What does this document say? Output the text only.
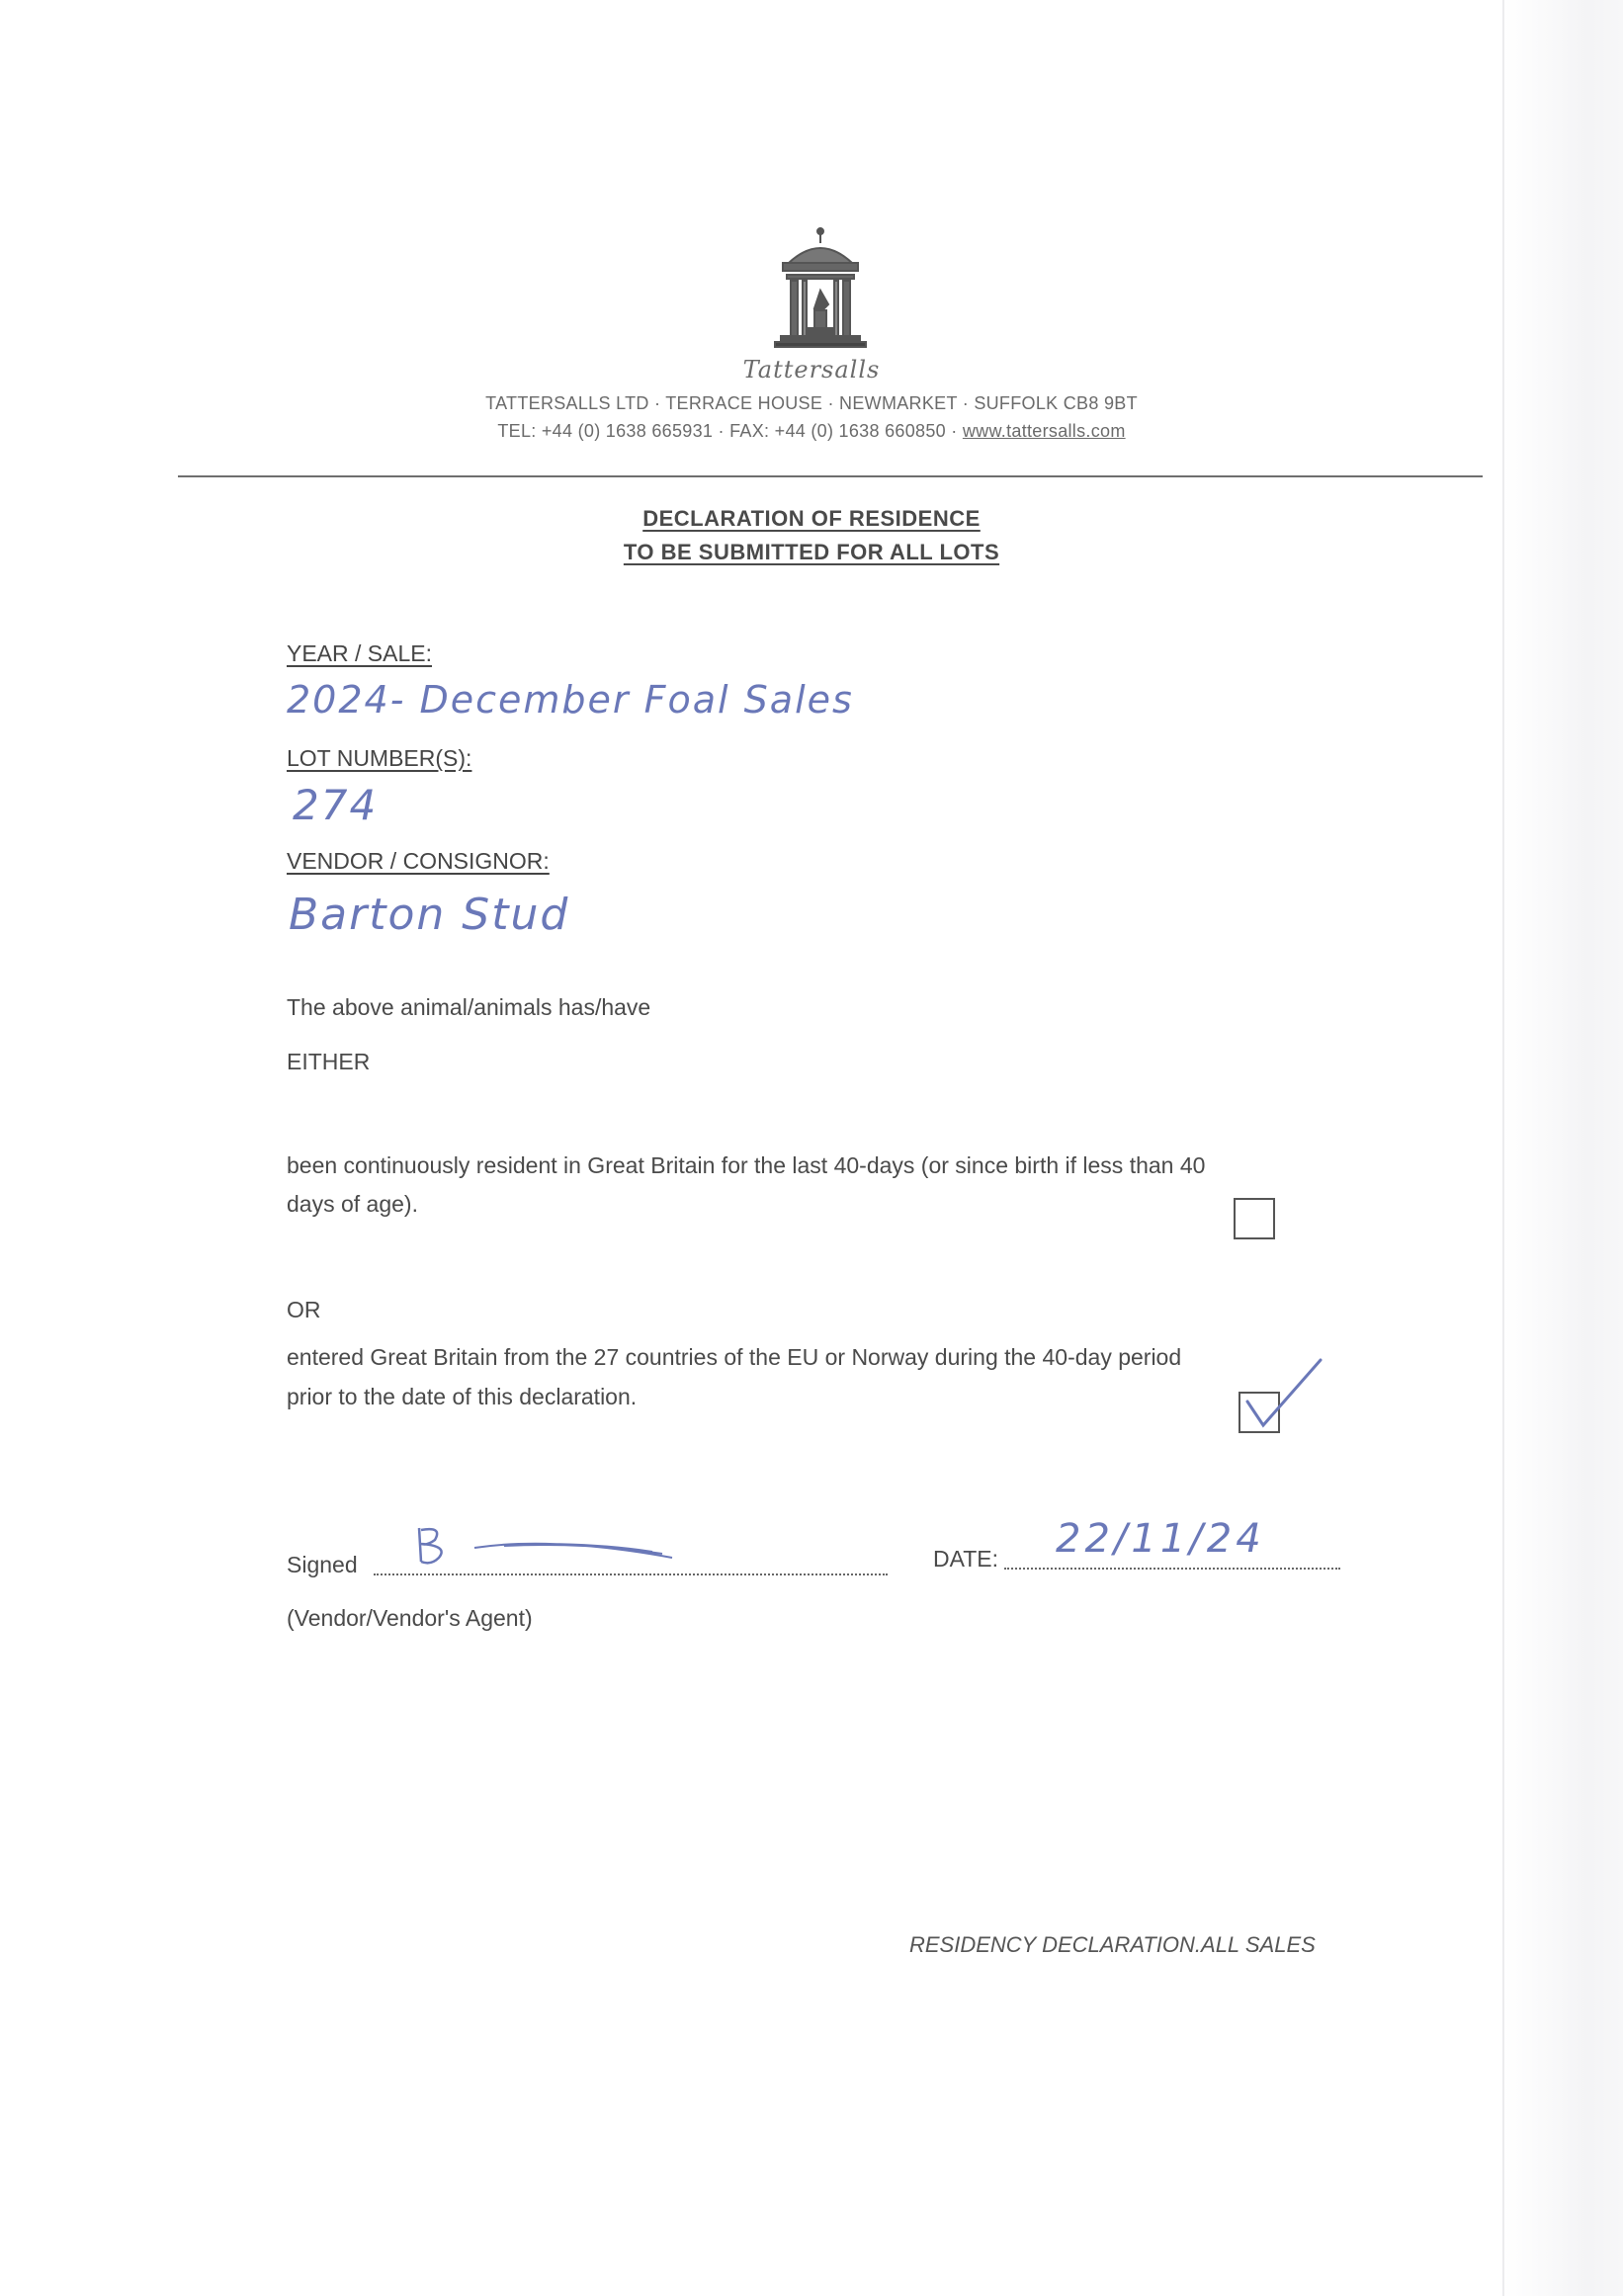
Tattersalls
TATTERSALLS LTD · TERRACE HOUSE · NEWMARKET · SUFFOLK CB8 9BT
TEL: +44 (0) 1638 665931 · FAX: +44 (0) 1638 660850 · www.tattersalls.com
DECLARATION OF RESIDENCE
TO BE SUBMITTED FOR ALL LOTS
YEAR / SALE:
2024- December Foal Sales
LOT NUMBER(S):
274
VENDOR / CONSIGNOR:
Barton Stud
The above animal/animals has/have
EITHER
been continuously resident in Great Britain for the last 40-days (or since birth if less than 40
days of age).
OR
entered Great Britain from the 27 countries of the EU or Norway during the 40-day period
prior to the date of this declaration.
Signed	DATE: 22/11/24
(Vendor/Vendor's Agent)
RESIDENCY DECLARATION.ALL SALES
